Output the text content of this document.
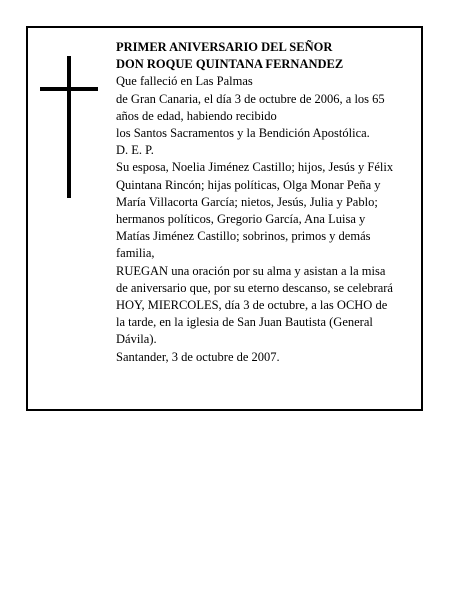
PRIMER ANIVERSARIO DEL SEÑOR
DON ROQUE QUINTANA FERNANDEZ
Que falleció en Las Palmas
de Gran Canaria, el día 3 de octubre de 2006, a los 65
años de edad, habiendo recibido
los Santos Sacramentos y la Bendición Apostólica.
D. E. P.
Su esposa, Noelia Jiménez Castillo; hijos, Jesús y Félix
Quintana Rincón; hijas políticas, Olga Monar Peña y
María Villacorta García; nietos, Jesús, Julia y Pablo;
hermanos políticos, Gregorio García, Ana Luisa y
Matías Jiménez Castillo; sobrinos, primos y demás
familia,
RUEGAN una oración por su alma y asistan a la misa
de aniversario que, por su eterno descanso, se celebrará
HOY, MIERCOLES, día 3 de octubre, a las OCHO de
la tarde, en la iglesia de San Juan Bautista (General
Dávila).
Santander, 3 de octubre de 2007.
